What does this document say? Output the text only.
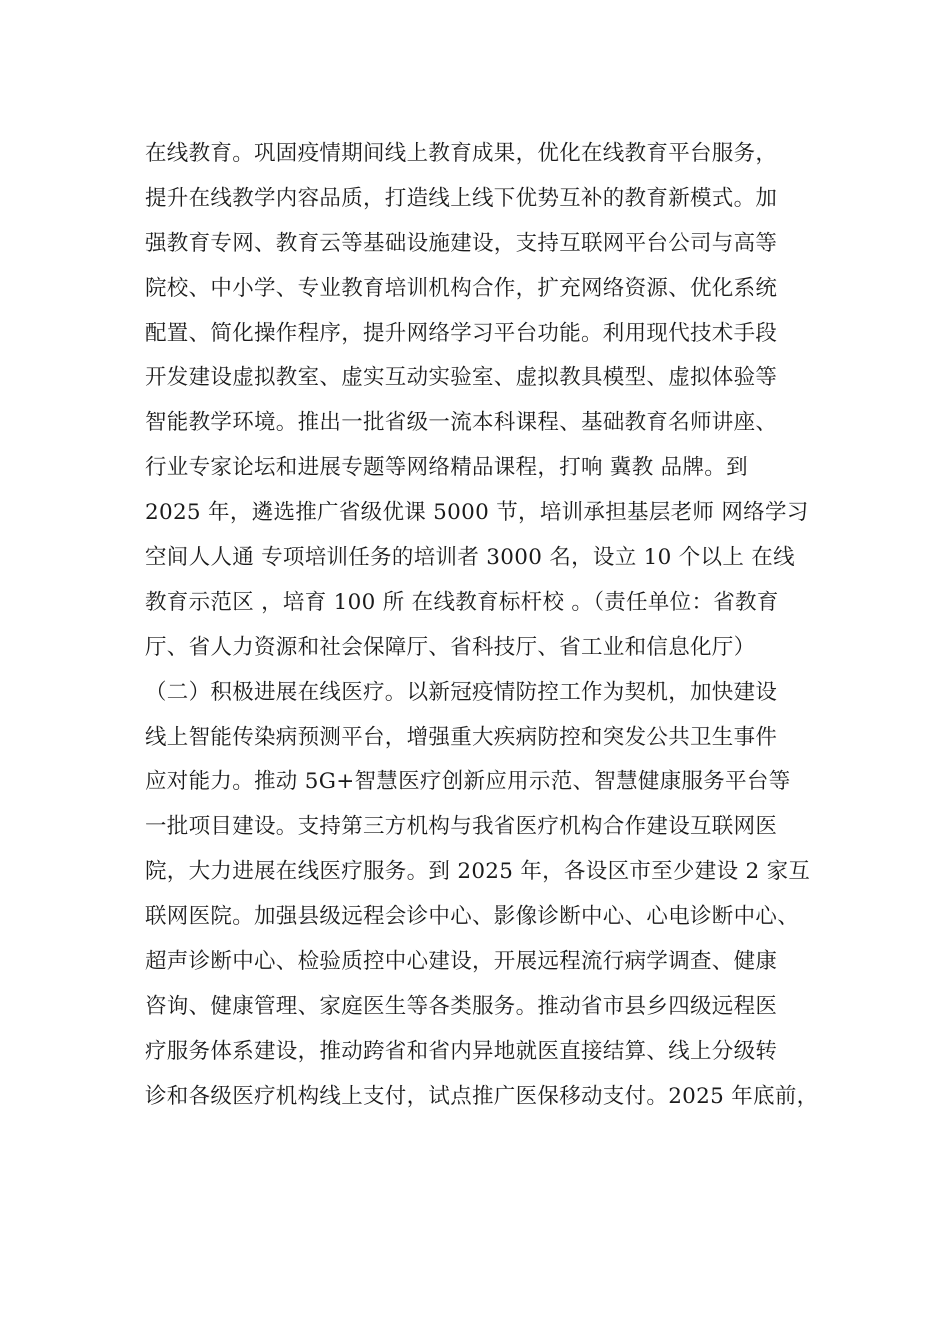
在线教育。巩固疫情期间线上教育成果，优化在线教育平台服务，
提升在线教学内容品质，打造线上线下优势互补的教育新模式。加
强教育专网、教育云等基础设施建设，支持互联网平台公司与高等
院校、中小学、专业教育培训机构合作，扩充网络资源、优化系统
配置、简化操作程序，提升网络学习平台功能。利用现代技术手段
开发建设虚拟教室、虚实互动实验室、虚拟教具模型、虚拟体验等
智能教学环境。推出一批省级一流本科课程、基础教育名师讲座、
行业专家论坛和进展专题等网络精品课程，打响 冀教 品牌。到
2025 年，遴选推广省级优课 5000 节，培训承担基层老师 网络学习
空间人人通 专项培训任务的培训者 3000 名，设立 10 个以上 在线
教育示范区 ，培育 100 所 在线教育标杆校 。（责任单位：省教育
厅、省人力资源和社会保障厅、省科技厅、省工业和信息化厅）
（二）积极进展在线医疗。以新冠疫情防控工作为契机，加快建设
线上智能传染病预测平台，增强重大疾病防控和突发公共卫生事件
应对能力。推动 5G+智慧医疗创新应用示范、智慧健康服务平台等
一批项目建设。支持第三方机构与我省医疗机构合作建设互联网医
院，大力进展在线医疗服务。到 2025 年，各设区市至少建设 2 家互
联网医院。加强县级远程会诊中心、影像诊断中心、心电诊断中心、
超声诊断中心、检验质控中心建设，开展远程流行病学调查、健康
咨询、健康管理、家庭医生等各类服务。推动省市县乡四级远程医
疗服务体系建设，推动跨省和省内异地就医直接结算、线上分级转
诊和各级医疗机构线上支付，试点推广医保移动支付。2025 年底前，
